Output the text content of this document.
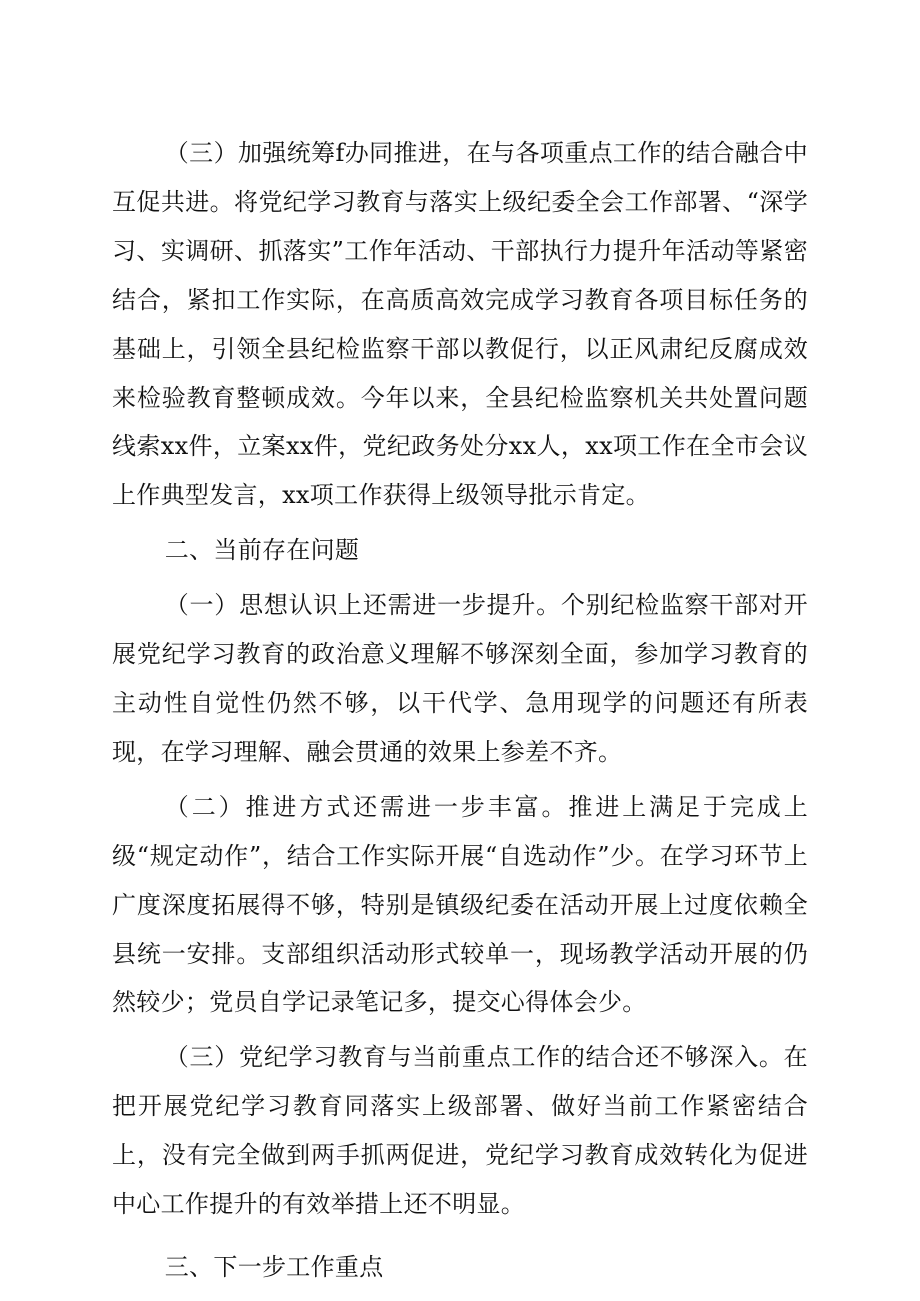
（三）加强统筹f办同推进，在与各项重点工作的结合融合中互促共进。将党纪学习教育与落实上级纪委全会工作部署、“深学习、实调研、抓落实”工作年活动、干部执行力提升年活动等紧密结合，紧扣工作实际，在高质高效完成学习教育各项目标任务的基础上，引领全县纪检监察干部以教促行，以正风肃纪反腐成效来检验教育整顿成效。今年以来，全县纪检监察机关共处置问题线索xx件，立案xx件，党纪政务处分xx人，xx项工作在全市会议上作典型发言，xx项工作获得上级领导批示肯定。

二、当前存在问题

（一）思想认识上还需进一步提升。个别纪检监察干部对开展党纪学习教育的政治意义理解不够深刻全面，参加学习教育的主动性自觉性仍然不够，以干代学、急用现学的问题还有所表现，在学习理解、融会贯通的效果上参差不齐。

（二）推进方式还需进一步丰富。推进上满足于完成上级“规定动作”，结合工作实际开展“自选动作”少。在学习环节上广度深度拓展得不够，特别是镇级纪委在活动开展上过度依赖全县统一安排。支部组织活动形式较单一，现场教学活动开展的仍然较少；党员自学记录笔记多，提交心得体会少。

（三）党纪学习教育与当前重点工作的结合还不够深入。在把开展党纪学习教育同落实上级部署、做好当前工作紧密结合上，没有完全做到两手抓两促进，党纪学习教育成效转化为促进中心工作提升的有效举措上还不明显。

三、下一步工作重点
